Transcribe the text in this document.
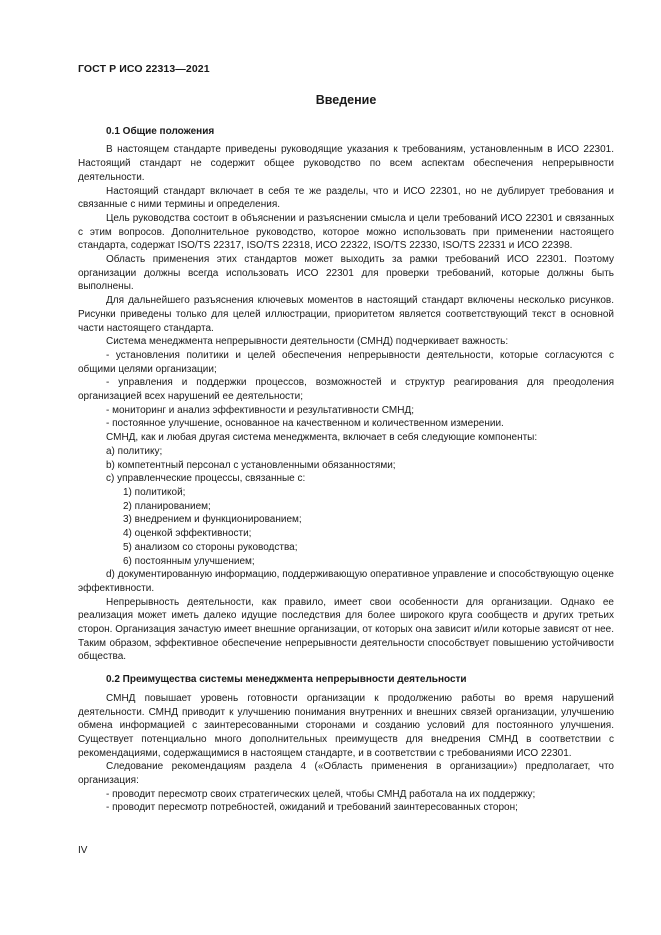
ГОСТ Р ИСО 22313—2021
Введение
0.1 Общие положения

В настоящем стандарте приведены руководящие указания к требованиям, установленным в ИСО 22301. Настоящий стандарт не содержит общее руководство по всем аспектам обеспечения непрерывности деятельности.

Настоящий стандарт включает в себя те же разделы, что и ИСО 22301, но не дублирует требования и связанные с ними термины и определения.

Цель руководства состоит в объяснении и разъяснении смысла и цели требований ИСО 22301 и связанных с этим вопросов. Дополнительное руководство, которое можно использовать при применении настоящего стандарта, содержат ISO/TS 22317, ISO/TS 22318, ИСО 22322, ISO/TS 22330, ISO/TS 22331 и ИСО 22398.

Область применения этих стандартов может выходить за рамки требований ИСО 22301. Поэтому организации должны всегда использовать ИСО 22301 для проверки требований, которые должны быть выполнены.

Для дальнейшего разъяснения ключевых моментов в настоящий стандарт включены несколько рисунков. Рисунки приведены только для целей иллюстрации, приоритетом является соответствующий текст в основной части настоящего стандарта.

Система менеджмента непрерывности деятельности (СМНД) подчеркивает важность:

- установления политики и целей обеспечения непрерывности деятельности, которые согласуются с общими целями организации;

- управления и поддержки процессов, возможностей и структур реагирования для преодоления организацией всех нарушений ее деятельности;

- мониторинг и анализ эффективности и результативности СМНД;

- постоянное улучшение, основанное на качественном и количественном измерении.

СМНД, как и любая другая система менеджмента, включает в себя следующие компоненты:

a) политику;

b) компетентный персонал с установленными обязанностями;

c) управленческие процессы, связанные с:

1) политикой;

2) планированием;

3) внедрением и функционированием;

4) оценкой эффективности;

5) анализом со стороны руководства;

6) постоянным улучшением;

d) документированную информацию, поддерживающую оперативное управление и способствующую оценке эффективности.

Непрерывность деятельности, как правило, имеет свои особенности для организации. Однако ее реализация может иметь далеко идущие последствия для более широкого круга сообществ и других третьих сторон. Организация зачастую имеет внешние организации, от которых она зависит и/или которые зависят от нее. Таким образом, эффективное обеспечение непрерывности деятельности способствует повышению устойчивости общества.

0.2 Преимущества системы менеджмента непрерывности деятельности

СМНД повышает уровень готовности организации к продолжению работы во время нарушений деятельности. СМНД приводит к улучшению понимания внутренних и внешних связей организации, улучшению обмена информацией с заинтересованными сторонами и созданию условий для постоянного улучшения. Существует потенциально много дополнительных преимуществ для внедрения СМНД в соответствии с рекомендациями, содержащимися в настоящем стандарте, и в соответствии с требованиями ИСО 22301.

Следование рекомендациям раздела 4 («Область применения в организации») предполагает, что организация:

- проводит пересмотр своих стратегических целей, чтобы СМНД работала на их поддержку;

- проводит пересмотр потребностей, ожиданий и требований заинтересованных сторон;

IV
